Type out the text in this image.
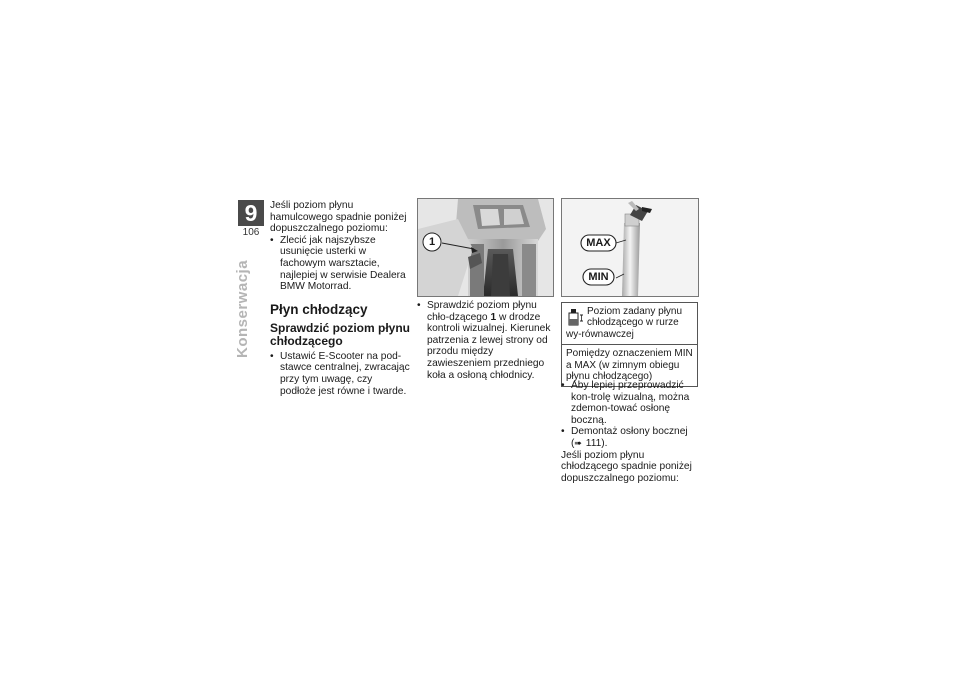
9
106
Konserwacja

Jeśli poziom płynu hamulcowego spadnie poniżej dopuszczalnego poziomu:

• Zlecić jak najszybsze usunięcie usterki w fachowym warsztacie, najlepiej w serwisie Dealera BMW Motorrad.

Płyn chłodzący
Sprawdzić poziom płynu chłodzącego

• Ustawić E-Scooter na pod-stawce centralnej, zwracając przy tym uwagę, czy podłoże jest równe i twarde.

1

• Sprawdzić poziom płynu chło-dzącego 1 w drodze kontroli wizualnej. Kierunek patrzenia z lewej strony od przodu między zawieszeniem przedniego koła a osłoną chłodnicy.

MAX
MIN
Poziom zadany płynu chłodzącego w rurze wy-równawczej
Pomiędzy oznaczeniem MIN a MAX (w zimnym obiegu płynu chłodzącego)

• Aby lepiej przeprowadzić kon-trolę wizualną, można zdemon-tować osłonę boczną.

• Demontaż osłony bocznej
(➠ 111).

Jeśli poziom płynu chłodzącego spadnie poniżej dopuszczalnego poziomu:
